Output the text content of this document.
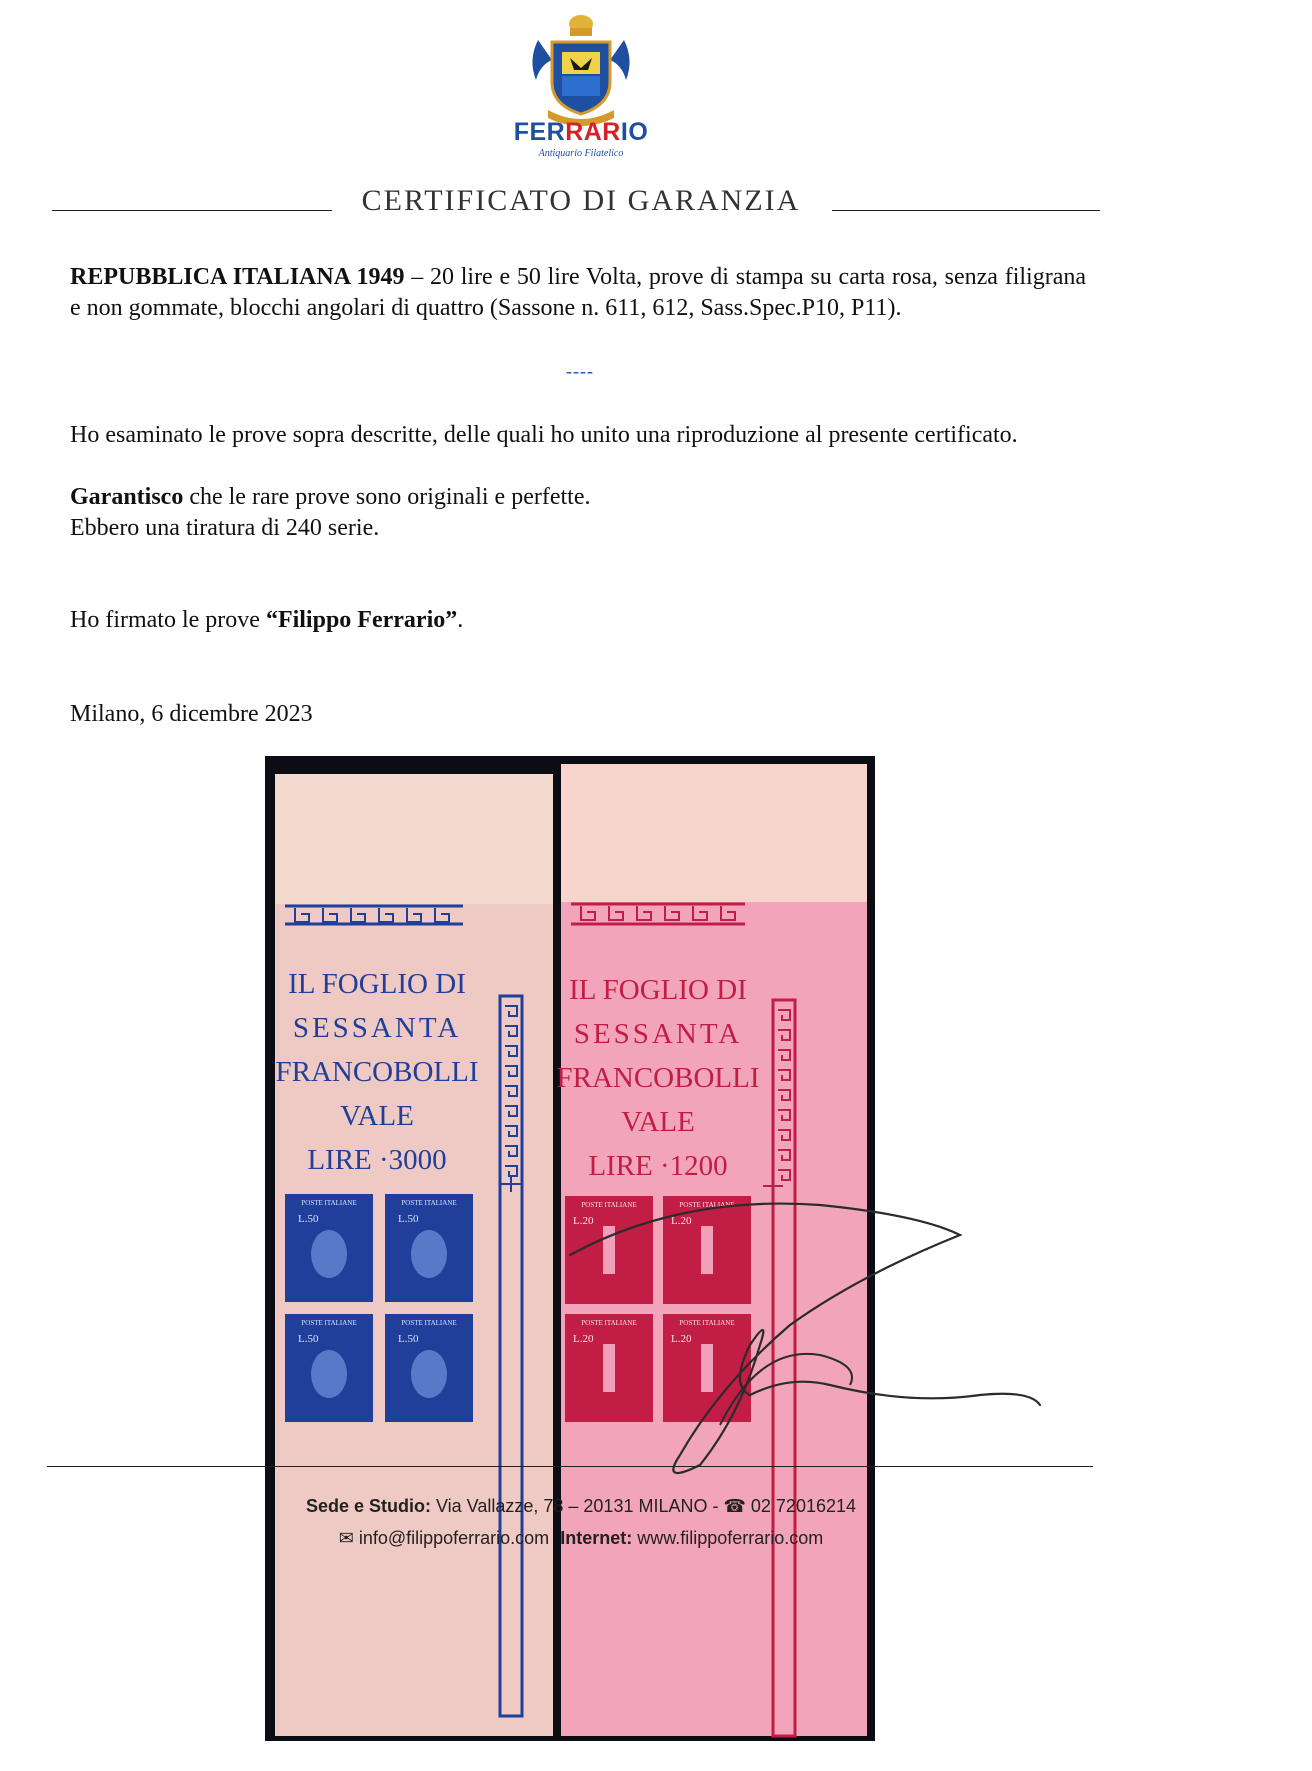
FERRARIO
Antiquario Filatelico
CERTIFICATO DI GARANZIA
REPUBBLICA ITALIANA 1949 – 20 lire e 50 lire Volta, prove di stampa su carta rosa, senza filigrana e non gommate, blocchi angolari di quattro (Sassone n. 611, 612, Sass.Spec.P10, P11).
----
Ho esaminato le prove sopra descritte, delle quali ho unito una riproduzione al presente certificato.
Garantisco che le rare prove sono originali e perfette.
Ebbero una tiratura di 240 serie.
Ho firmato le prove “Filippo Ferrario”.
Milano, 6 dicembre 2023
IL FOGLIO DI
SESSANTA
FRANCOBOLLI
VALE
LIRE ·3000
POSTE ITALIANE
L.50
POSTE ITALIANE
L.50
POSTE ITALIANE
L.50
POSTE ITALIANE
L.50
IL FOGLIO DI
SESSANTA
FRANCOBOLLI
VALE
LIRE ·1200
POSTE ITALIANE
L.20
POSTE ITALIANE
L.20
POSTE ITALIANE
L.20
POSTE ITALIANE
L.20
Sede e Studio: Via Vallazze, 78 – 20131 MILANO - ☎ 02 72016214
✉ info@filippoferrario.com Internet: www.filippoferrario.com
